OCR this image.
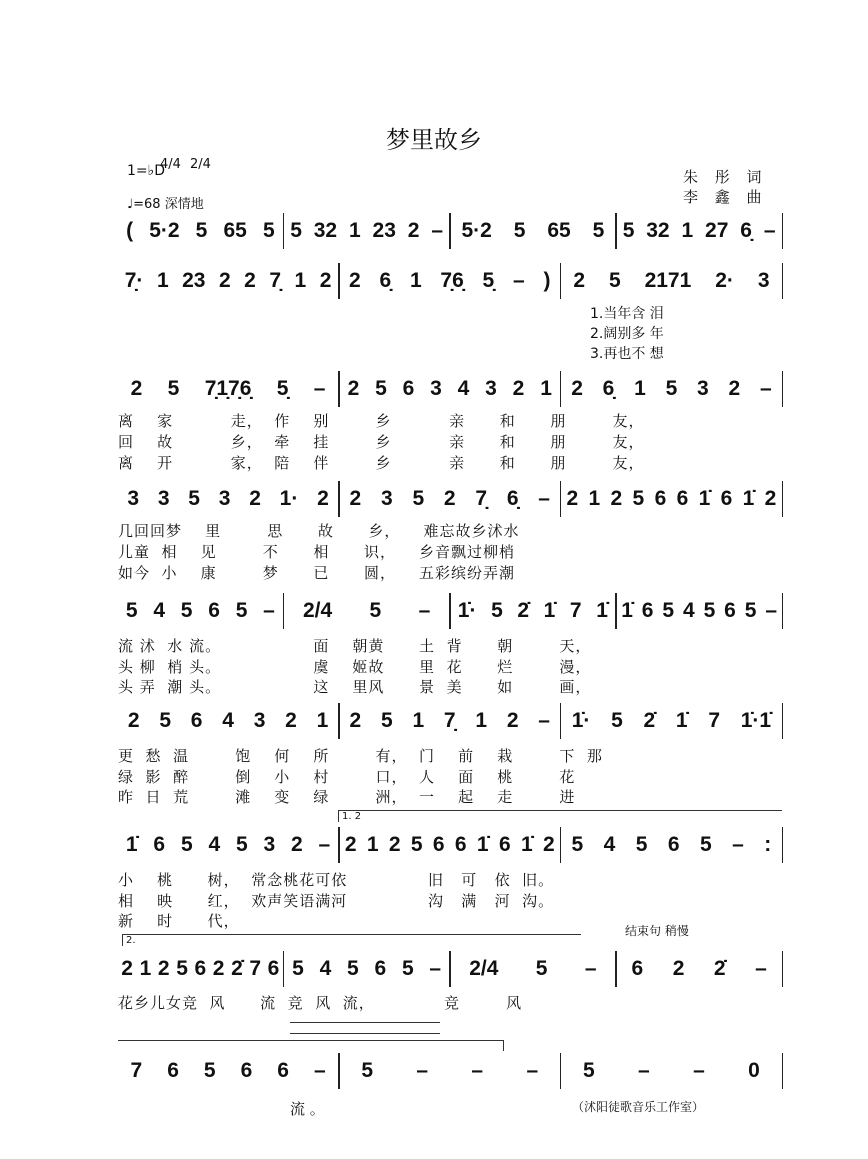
梦里故乡
1=♭D
4/4 2/4
♩=68 深情地
朱 彤 词
李 鑫 曲
( 5·2 5 65 5 5 32 1 23 2 – 5·2 5 65 5 5 32 1 27 6̣ –
7̣· 1 23 2 2 7̣ 1 2 2 6̣ 1 7̣6̣ 5̣ – ) 2 5 2171 2· 3
2 5 7̣1̣7̣6̣ 5̣ – 2 5 6 3 4 3 2 1 2 6̣ 1 5 3 2 –
离    家          走，  作    别        乡          亲      和      朋        友，
回    故          乡，  牵    挂        乡          亲      和      朋        友，
离    开          家，  陪    伴        乡          亲      和      朋        友，
3 3 5 3 2 1· 2 2 3 5 2 7̣ 6̣ – 2 1 2 5 6 6 1̇ 6 1̇ 2
几回回梦    里        思      故      乡，    难忘故乡沭水
儿童  相    见        不      相      识，    乡音飘过柳梢
如今  小    康        梦      已      圆，    五彩缤纷弄潮
5 4 5 6 5 – 2/4 5 – 1̇· 5 2̇ 1̇ 7 1̇ 1̇ 6 5 4 5 6 5 –
流 沭  水 流。                面    朝黄      土  背      朝        天，
头 柳  梢 头。                虞    姬故      里  花      烂        漫，
头 弄  潮 头。                这    里风      景  美      如        画，
2 5 6 4 3 2 1 2 5 1 7̣ 1 2 – 1̇· 5 2̇ 1̇ 7 1̇·1̇
更  愁  温        饱    何    所        有，  门    前    栽        下  那
绿  影  醉        倒    小    村        口，  人    面    桃        花
昨  日  荒        滩    变    绿        洲，  一    起    走        进
1̇ 6 5 4 5 3 2 – 2 1 2 5 6 6 1̇ 6 1̇ 2 5 4 5 6 5 – :
1. 2
小    桃      树，  常念桃花可依              旧   可   依  旧。
相    映      红，  欢声笑语满河              沟   满   河  沟。
新    时      代，
2 1 2 5 6 2 2̇ 7 6 5 4 5 6 5 – 2/4 5 – 6 2 2̇ –
2.
结束句 稍慢
花乡儿女竞  风      流  竞  风  流，            竞        风
7 6 5 6 6 – 5 – – – 5 – – 0
1.当年含 泪
2.阔别多 年
3.再也不 想
流 。	（沭阳徒歌音乐工作室）
